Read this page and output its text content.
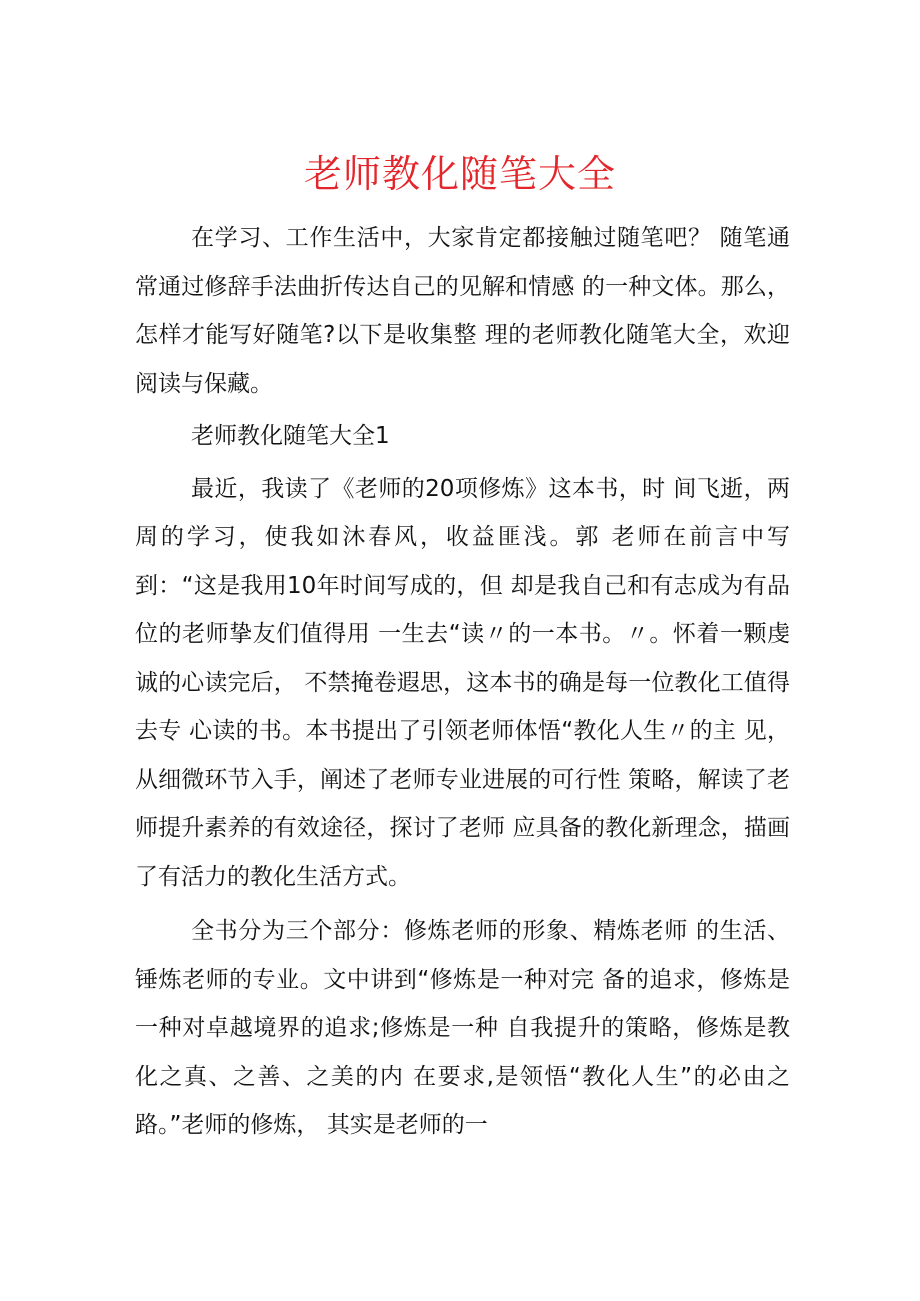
老师教化随笔大全

在学习、工作生活中，大家肯定都接触过随笔吧？ 随笔通常通过修辞手法曲折传达自己的见解和情感 的一种文体。那么，怎样才能写好随笔?以下是收集整 理的老师教化随笔大全，欢迎阅读与保藏。

老师教化随笔大全1

最近，我读了《老师的20项修炼》这本书，时 间飞逝，两周的学习，使我如沐春风，收益匪浅。郭 老师在前言中写到：“这是我用10年时间写成的，但 却是我自己和有志成为有品位的老师挚友们值得用 一生去“读〃的一本书。〃。怀着一颗虔诚的心读完后， 不禁掩卷遐思，这本书的确是每一位教化工值得去专 心读的书。本书提出了引领老师体悟“教化人生〃的主 见，从细微环节入手，阐述了老师专业进展的可行性 策略，解读了老师提升素养的有效途径，探讨了老师 应具备的教化新理念，描画了有活力的教化生活方式。

全书分为三个部分：修炼老师的形象、精炼老师 的生活、锤炼老师的专业。文中讲到“修炼是一种对完 备的追求，修炼是一种对卓越境界的追求;修炼是一种 自我提升的策略，修炼是教化之真、之善、之美的内 在要求,是领悟“教化人生”的必由之路。”老师的修炼， 其实是老师的一
